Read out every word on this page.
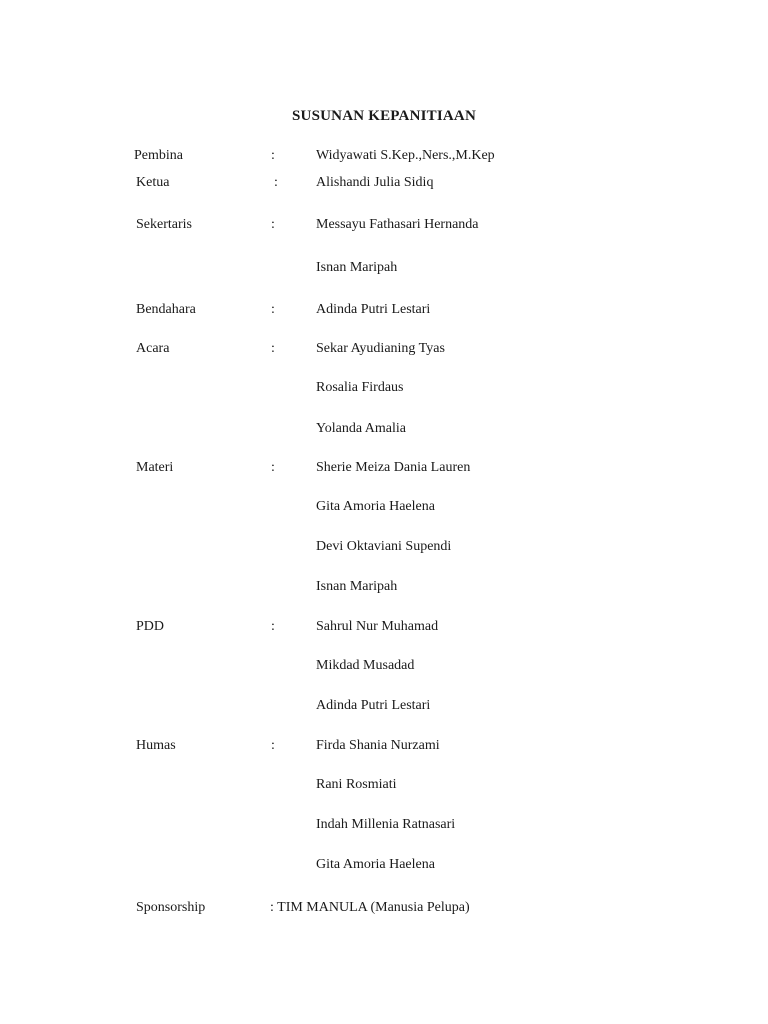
SUSUNAN KEPANITIAAN
Pembina	:	Widyawati S.Kep.,Ners.,M.Kep
Ketua	:	Alishandi Julia Sidiq
Sekertaris	:	Messayu Fathasari Hernanda
Isnan Maripah
Bendahara	:	Adinda Putri Lestari
Acara	:	Sekar Ayudianing Tyas
Rosalia Firdaus
Yolanda Amalia
Materi	:	Sherie Meiza Dania Lauren
Gita Amoria Haelena
Devi Oktaviani Supendi
Isnan Maripah
PDD	:	Sahrul Nur Muhamad
Mikdad Musadad
Adinda Putri Lestari
Humas	:	Firda Shania Nurzami
Rani Rosmiati
Indah Millenia Ratnasari
Gita Amoria Haelena
Sponsorship	: TIM MANULA (Manusia Pelupa)
